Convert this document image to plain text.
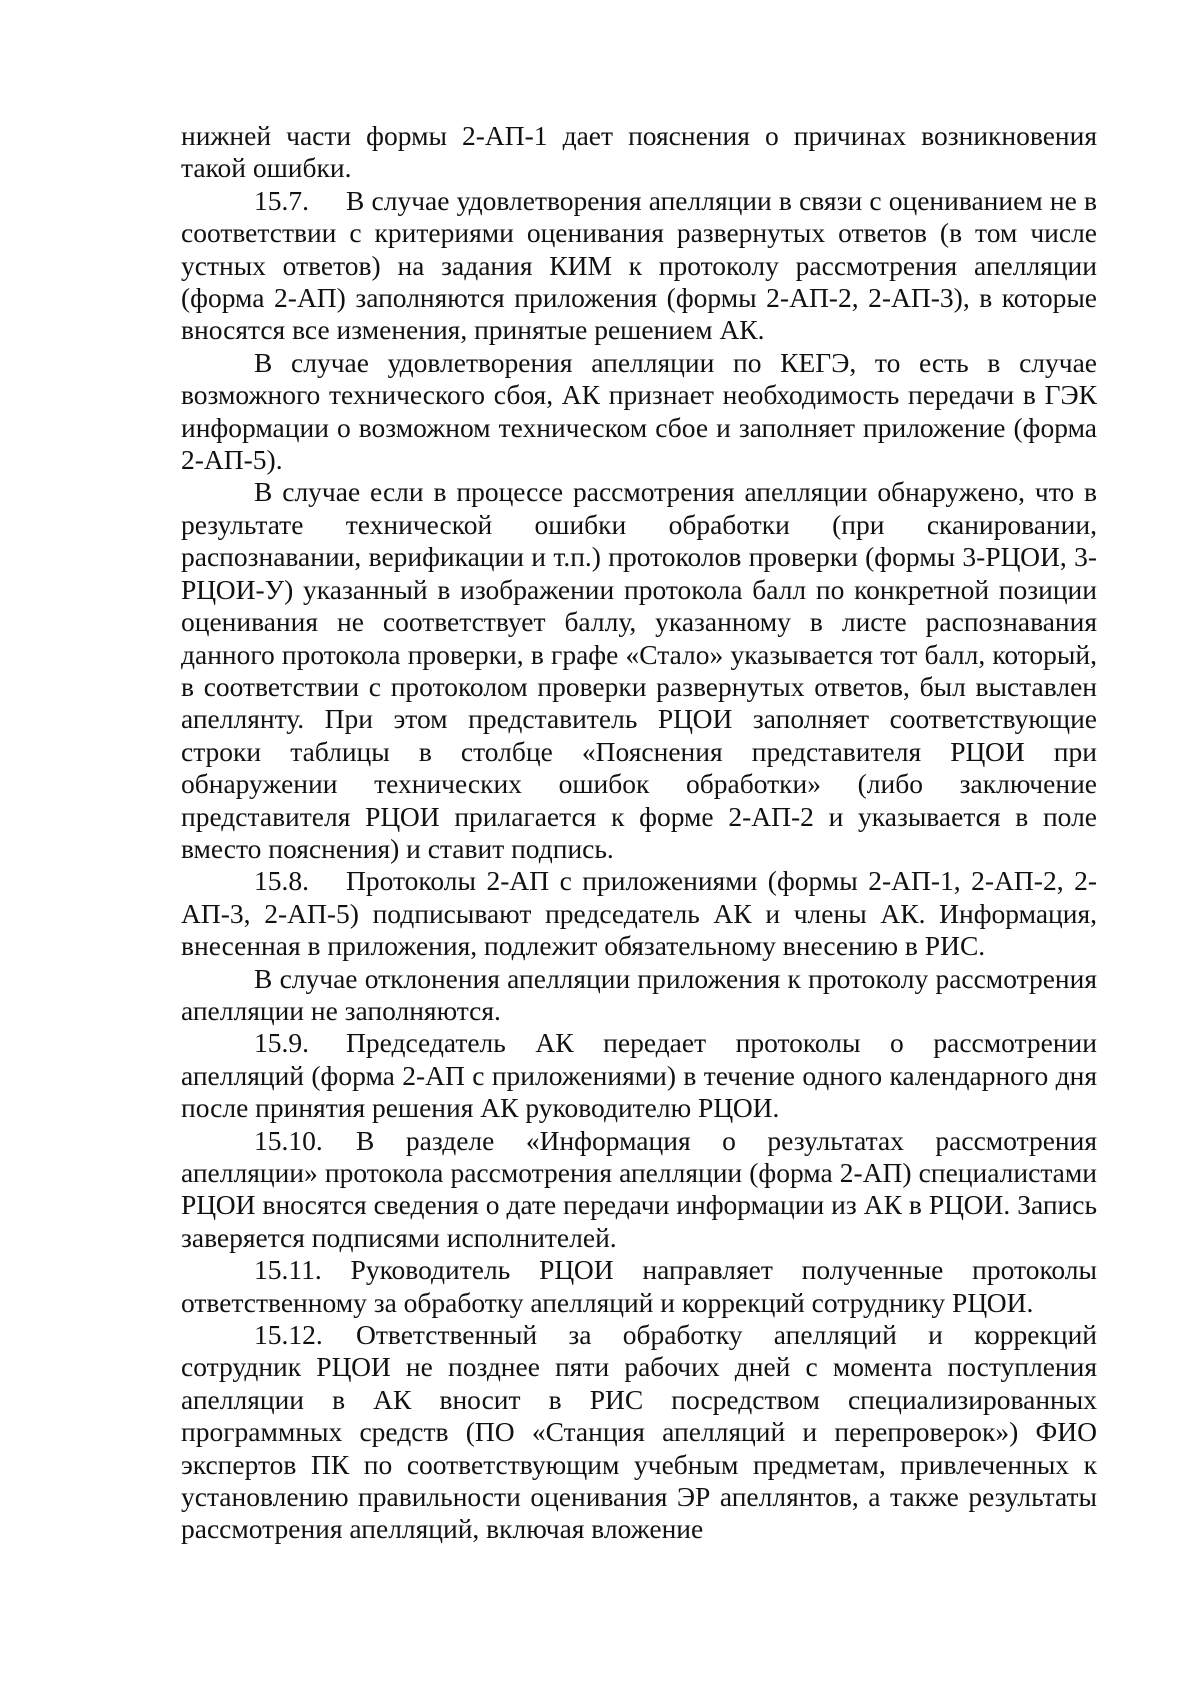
нижней части формы 2-АП-1 дает пояснения о причинах возникновения такой ошибки.

15.7. В случае удовлетворения апелляции в связи с оцениванием не в соответствии с критериями оценивания развернутых ответов (в том числе устных ответов) на задания КИМ к протоколу рассмотрения апелляции (форма 2-АП) заполняются приложения (формы 2-АП-2, 2-АП-3), в которые вносятся все изменения, принятые решением АК.

В случае удовлетворения апелляции по КЕГЭ, то есть в случае возможного технического сбоя, АК признает необходимость передачи в ГЭК информации о возможном техническом сбое и заполняет приложение (форма 2-АП-5).

В случае если в процессе рассмотрения апелляции обнаружено, что в результате технической ошибки обработки (при сканировании, распознавании, верификации и т.п.) протоколов проверки (формы 3-РЦОИ, 3-РЦОИ-У) указанный в изображении протокола балл по конкретной позиции оценивания не соответствует баллу, указанному в листе распознавания данного протокола проверки, в графе «Стало» указывается тот балл, который, в соответствии с протоколом проверки развернутых ответов, был выставлен апеллянту. При этом представитель РЦОИ заполняет соответствующие строки таблицы в столбце «Пояснения представителя РЦОИ при обнаружении технических ошибок обработки» (либо заключение представителя РЦОИ прилагается к форме 2-АП-2 и указывается в поле вместо пояснения) и ставит подпись.

15.8. Протоколы 2-АП с приложениями (формы 2-АП-1, 2-АП-2, 2-АП-3, 2-АП-5) подписывают председатель АК и члены АК. Информация, внесенная в приложения, подлежит обязательному внесению в РИС.

В случае отклонения апелляции приложения к протоколу рассмотрения апелляции не заполняются.

15.9. Председатель АК передает протоколы о рассмотрении апелляций (форма 2-АП с приложениями) в течение одного календарного дня после принятия решения АК руководителю РЦОИ.

15.10. В разделе «Информация о результатах рассмотрения апелляции» протокола рассмотрения апелляции (форма 2-АП) специалистами РЦОИ вносятся сведения о дате передачи информации из АК в РЦОИ. Запись заверяется подписями исполнителей.

15.11. Руководитель РЦОИ направляет полученные протоколы ответственному за обработку апелляций и коррекций сотруднику РЦОИ.

15.12. Ответственный за обработку апелляций и коррекций сотрудник РЦОИ не позднее пяти рабочих дней с момента поступления апелляции в АК вносит в РИС посредством специализированных программных средств (ПО «Станция апелляций и перепроверок») ФИО экспертов ПК по соответствующим учебным предметам, привлеченных к установлению правильности оценивания ЭР апеллянтов, а также результаты рассмотрения апелляций, включая вложение
